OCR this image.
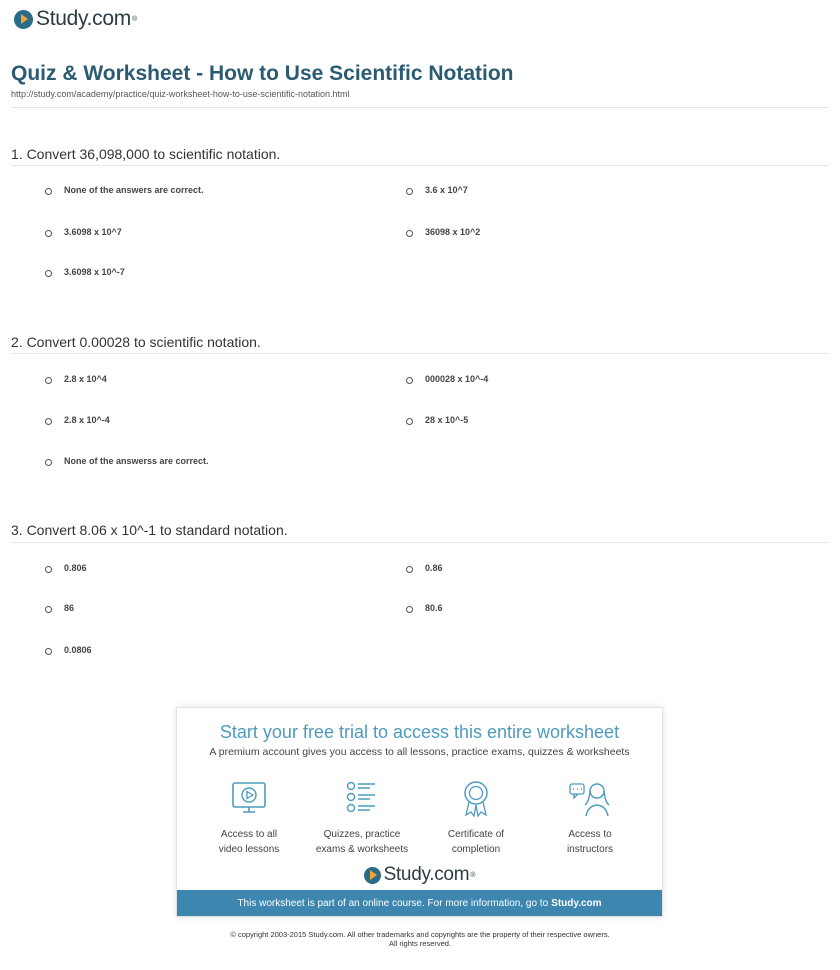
Study.com ®
Quiz & Worksheet - How to Use Scientific Notation
http://study.com/academy/practice/quiz-worksheet-how-to-use-scientific-notation.html
1. Convert 36,098,000 to scientific notation.
None of the answers are correct.	3.6 x 10^7
3.6098 x 10^7	36098 x 10^2
3.6098 x 10^-7
2. Convert 0.00028 to scientific notation.
2.8 x 10^4	000028 x 10^-4
2.8 x 10^-4	28 x 10^-5
None of the answerss are correct.
3. Convert 8.06 x 10^-1 to standard notation.
0.806	0.86
86	80.6
0.0806
Start your free trial to access this entire worksheet
A premium account gives you access to all lessons, practice exams, quizzes & worksheets
Access to all
video lessons
Quizzes, practice
exams & worksheets
Certificate of
completion
Access to
instructors
Study.com ®
This worksheet is part of an online course. For more information, go to Study.com
© copyright 2003-2015 Study.com. All other trademarks and copyrights are the property of their respective owners.
All rights reserved.
